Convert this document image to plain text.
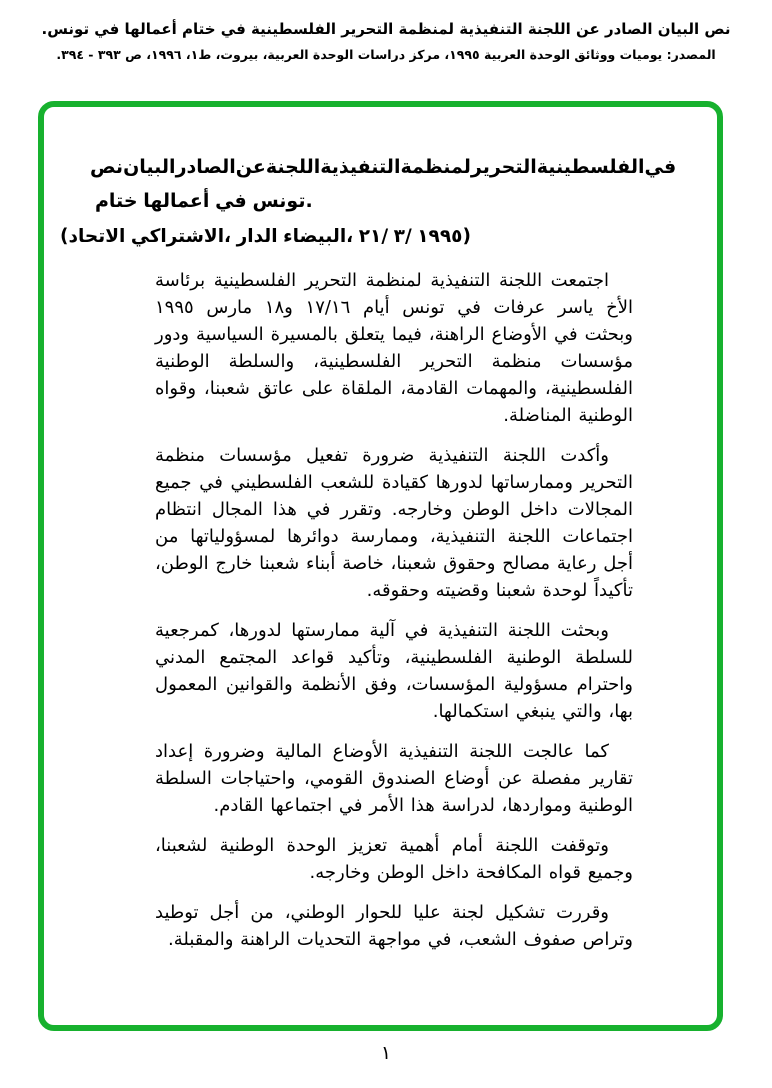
نص البيان الصادر عن اللجنة التنفيذية لمنظمة التحرير الفلسطينية في ختام أعمالها في تونس.
المصدر: يوميات ووثائق الوحدة العربية ١٩٩٥، مركز دراسات الوحدة العربية، بيروت، ط١، ١٩٩٦، ص ٣٩٣ - ٣٩٤.
نص البيان الصادر عن اللجنة التنفيذية لمنظمة التحرير الفلسطينية في
ختام أعمالها في تونس.
(الاتحاد الاشتراكي، الدار البيضاء، ٢١/ ٣/ ١٩٩٥)

اجتمعت اللجنة التنفيذية لمنظمة التحرير الفلسطينية برئاسة الأخ ياسر عرفات في تونس أيام ١٧/١٦ و١٨ مارس ١٩٩٥ وبحثت في الأوضاع الراهنة، فيما يتعلق بالمسيرة السياسية ودور مؤسسات منظمة التحرير الفلسطينية، والسلطة الوطنية الفلسطينية، والمهمات القادمة، الملقاة على عاتق شعبنا، وقواه الوطنية المناضلة.

وأكدت اللجنة التنفيذية ضرورة تفعيل مؤسسات منظمة التحرير وممارساتها لدورها كقيادة للشعب الفلسطيني في جميع المجالات داخل الوطن وخارجه. وتقرر في هذا المجال انتظام اجتماعات اللجنة التنفيذية، وممارسة دوائرها لمسؤولياتها من أجل رعاية مصالح وحقوق شعبنا، خاصة أبناء شعبنا خارج الوطن، تأكيداً لوحدة شعبنا وقضيته وحقوقه.

وبحثت اللجنة التنفيذية في آلية ممارستها لدورها، كمرجعية للسلطة الوطنية الفلسطينية، وتأكيد قواعد المجتمع المدني واحترام مسؤولية المؤسسات، وفق الأنظمة والقوانين المعمول بها، والتي ينبغي استكمالها.

كما عالجت اللجنة التنفيذية الأوضاع المالية وضرورة إعداد تقارير مفصلة عن أوضاع الصندوق القومي، واحتياجات السلطة الوطنية ومواردها، لدراسة هذا الأمر في اجتماعها القادم.

وتوقفت اللجنة أمام أهمية تعزيز الوحدة الوطنية لشعبنا، وجميع قواه المكافحة داخل الوطن وخارجه.

وقررت تشكيل لجنة عليا للحوار الوطني، من أجل توطيد وتراص صفوف الشعب، في مواجهة التحديات الراهنة والمقبلة.

١
